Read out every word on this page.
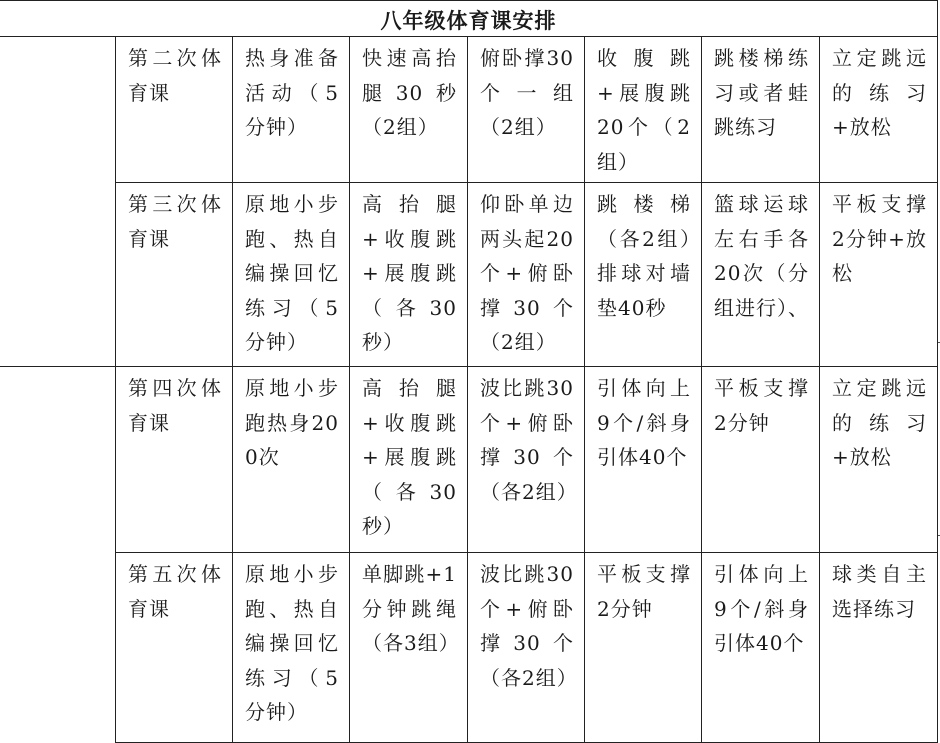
八年级体育课安排
第二次体育课	热身准备活动（5分钟）	快速高抬腿30秒（2组）	俯卧撑30个一组（2组）	收腹跳+展腹跳20个（2组）	跳楼梯练习或者蛙跳练习	立定跳远的练习+放松
第三次体育课	原地小步跑、热自编操回忆练习（5分钟）	高抬腿+收腹跳+展腹跳（各30秒）	仰卧单边两头起20个+俯卧撑30个（2组）	跳楼梯（各2组）排球对墙垫40秒	篮球运球左右手各20次（分组进行）、	平板支撑2分钟+放松
第四次体育课	原地小步跑热身200次	高抬腿+收腹跳+展腹跳（各30秒）	波比跳30个+俯卧撑30个（各2组）	引体向上9个/斜身引体40个	平板支撑2分钟	立定跳远的练习+放松
第五次体育课	原地小步跑、热自编操回忆练习（5分钟）	单脚跳+1分钟跳绳（各3组）	波比跳30个+俯卧撑30个（各2组）	平板支撑2分钟	引体向上9个/斜身引体40个	球类自主选择练习
